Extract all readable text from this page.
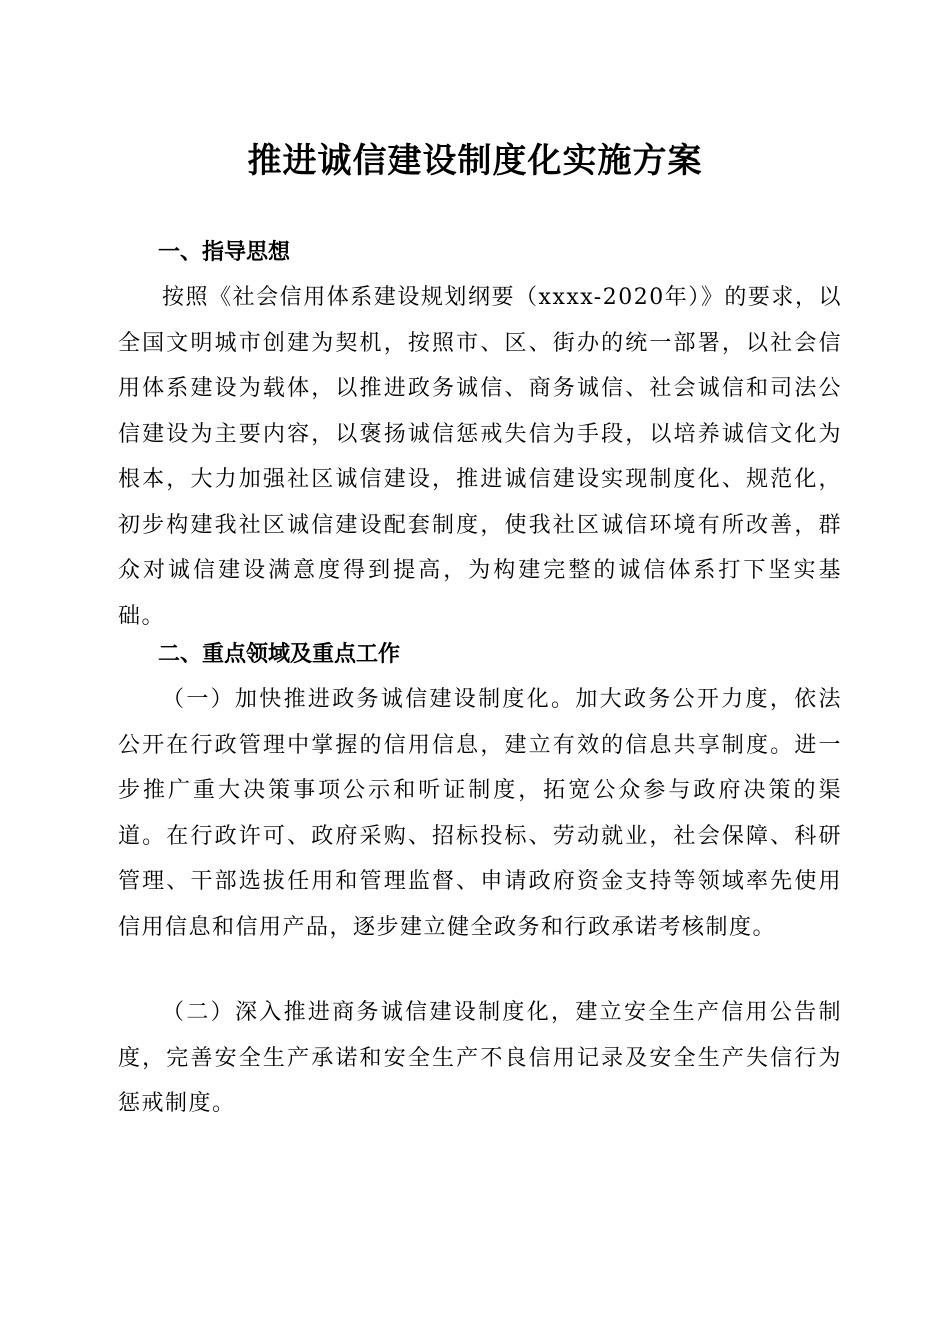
推进诚信建设制度化实施方案
一、指导思想

按照《社会信用体系建设规划纲要（xxxx-2020年）》的要求，以全国文明城市创建为契机，按照市、区、街办的统一部署，以社会信用体系建设为载体，以推进政务诚信、商务诚信、社会诚信和司法公信建设为主要内容，以褒扬诚信惩戒失信为手段，以培养诚信文化为根本，大力加强社区诚信建设，推进诚信建设实现制度化、规范化，初步构建我社区诚信建设配套制度，使我社区诚信环境有所改善，群众对诚信建设满意度得到提高，为构建完整的诚信体系打下坚实基础。

二、重点领域及重点工作

（一）加快推进政务诚信建设制度化。加大政务公开力度，依法公开在行政管理中掌握的信用信息，建立有效的信息共享制度。进一步推广重大决策事项公示和听证制度，拓宽公众参与政府决策的渠道。在行政许可、政府采购、招标投标、劳动就业，社会保障、科研管理、干部选拔任用和管理监督、申请政府资金支持等领域率先使用信用信息和信用产品，逐步建立健全政务和行政承诺考核制度。

（二）深入推进商务诚信建设制度化，建立安全生产信用公告制度，完善安全生产承诺和安全生产不良信用记录及安全生产失信行为惩戒制度。
